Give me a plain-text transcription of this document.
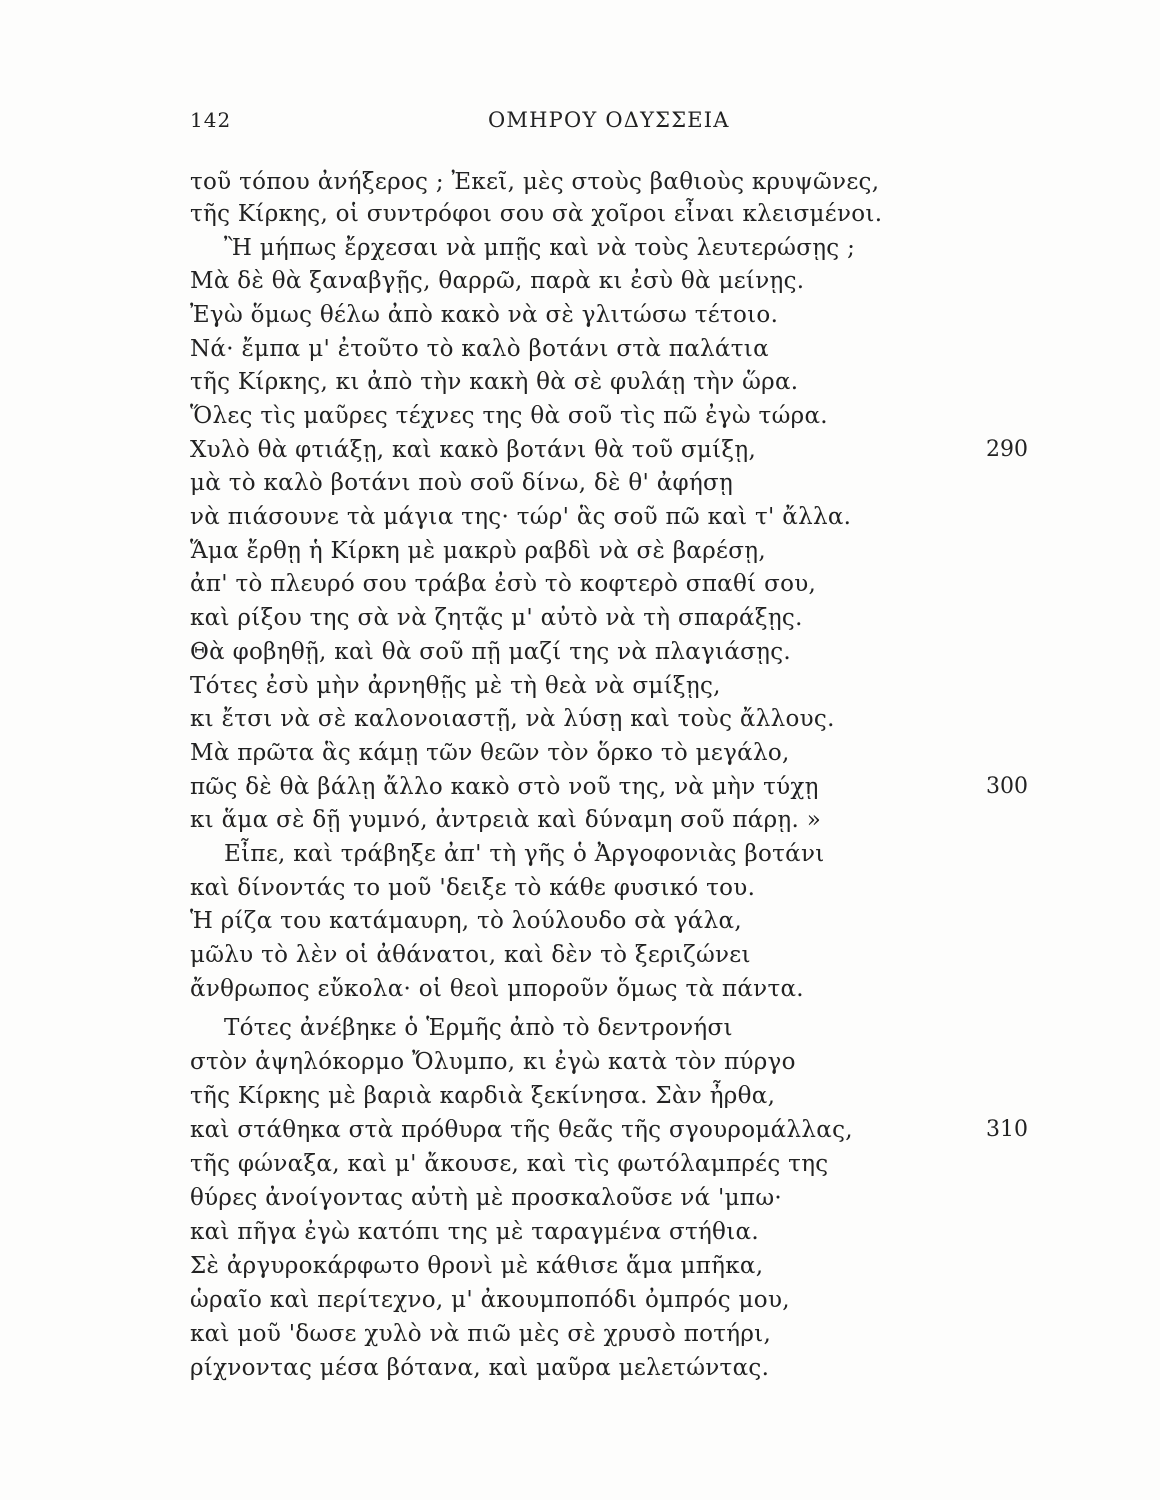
142	ΟΜΗΡΟΥ ΟΔΥΣΣΕΙΑ
τοῦ τόπου ἀνήξερος ; Ἐκεῖ, μὲς στοὺς βαθιοὺς κρυψῶνες,
τῆς Κίρκης, οἱ συντρόφοι σου σὰ χοῖροι εἶναι κλεισμένοι.
Ἢ μήπως ἔρχεσαι νὰ μπῇς καὶ νὰ τοὺς λευτερώσῃς ;
Μὰ δὲ θὰ ξαναβγῇς, θαρρῶ, παρὰ κι ἐσὺ θὰ μείνῃς.
Ἐγὼ ὅμως θέλω ἀπὸ κακὸ νὰ σὲ γλιτώσω τέτοιο.
Νά· ἔμπα μ' ἐτοῦτο τὸ καλὸ βοτάνι στὰ παλάτια
τῆς Κίρκης, κι ἀπὸ τὴν κακὴ θὰ σὲ φυλάῃ τὴν ὥρα.
Ὅλες τὶς μαῦρες τέχνες της θὰ σοῦ τὶς πῶ ἐγὼ τώρα.
Χυλὸ θὰ φτιάξῃ, καὶ κακὸ βοτάνι θὰ τοῦ σμίξῃ,
μὰ τὸ καλὸ βοτάνι ποὺ σοῦ δίνω, δὲ θ' ἀφήσῃ
νὰ πιάσουνε τὰ μάγια της· τώρ' ἃς σοῦ πῶ καὶ τ' ἄλλα.
Ἅμα ἔρθῃ ἡ Κίρκη μὲ μακρὺ ραβδὶ νὰ σὲ βαρέσῃ,
ἀπ' τὸ πλευρό σου τράβα ἐσὺ τὸ κοφτερὸ σπαθί σου,
καὶ ρίξου της σὰ νὰ ζητᾷς μ' αὐτὸ νὰ τὴ σπαράξῃς.
Θὰ φοβηθῇ, καὶ θὰ σοῦ πῇ μαζί της νὰ πλαγιάσῃς.
Τότες ἐσὺ μὴν ἀρνηθῇς μὲ τὴ θεὰ νὰ σμίξῃς,
κι ἔτσι νὰ σὲ καλονοιαστῇ, νὰ λύσῃ καὶ τοὺς ἄλλους.
Μὰ πρῶτα ἃς κάμῃ τῶν θεῶν τὸν ὅρκο τὸ μεγάλο,
πῶς δὲ θὰ βάλῃ ἄλλο κακὸ στὸ νοῦ της, νὰ μὴν τύχῃ
κι ἅμα σὲ δῇ γυμνό, ἀντρειὰ καὶ δύναμη σοῦ πάρῃ. »
Εἶπε, καὶ τράβηξε ἀπ' τὴ γῆς ὁ Ἀργοφονιὰς βοτάνι
καὶ δίνοντάς το μοῦ 'δειξε τὸ κάθε φυσικό του.
Ἡ ρίζα του κατάμαυρη, τὸ λούλουδο σὰ γάλα,
μῶλυ τὸ λὲν οἱ ἀθάνατοι, καὶ δὲν τὸ ξεριζώνει
ἄνθρωπος εὔκολα· οἱ θεοὶ μποροῦν ὅμως τὰ πάντα.
Τότες ἀνέβηκε ὁ Ἑρμῆς ἀπὸ τὸ δεντρονήσι
στὸν ἀψηλόκορμο Ὄλυμπο, κι ἐγὼ κατὰ τὸν πύργο
τῆς Κίρκης μὲ βαριὰ καρδιὰ ξεκίνησα. Σὰν ἦρθα,
καὶ στάθηκα στὰ πρόθυρα τῆς θεᾶς τῆς σγουρομάλλας,
τῆς φώναξα, καὶ μ' ἄκουσε, καὶ τὶς φωτόλαμπρές της
θύρες ἀνοίγοντας αὐτὴ μὲ προσκαλοῦσε νά 'μπω·
καὶ πῆγα ἐγὼ κατόπι της μὲ ταραγμένα στήθια.
Σὲ ἀργυροκάρφωτο θρονὶ μὲ κάθισε ἅμα μπῆκα,
ὡραῖο καὶ περίτεχνο, μ' ἀκουμποπόδι ὀμπρός μου,
καὶ μοῦ 'δωσε χυλὸ νὰ πιῶ μὲς σὲ χρυσὸ ποτήρι,
ρίχνοντας μέσα βότανα, καὶ μαῦρα μελετώντας.
290
300
310
